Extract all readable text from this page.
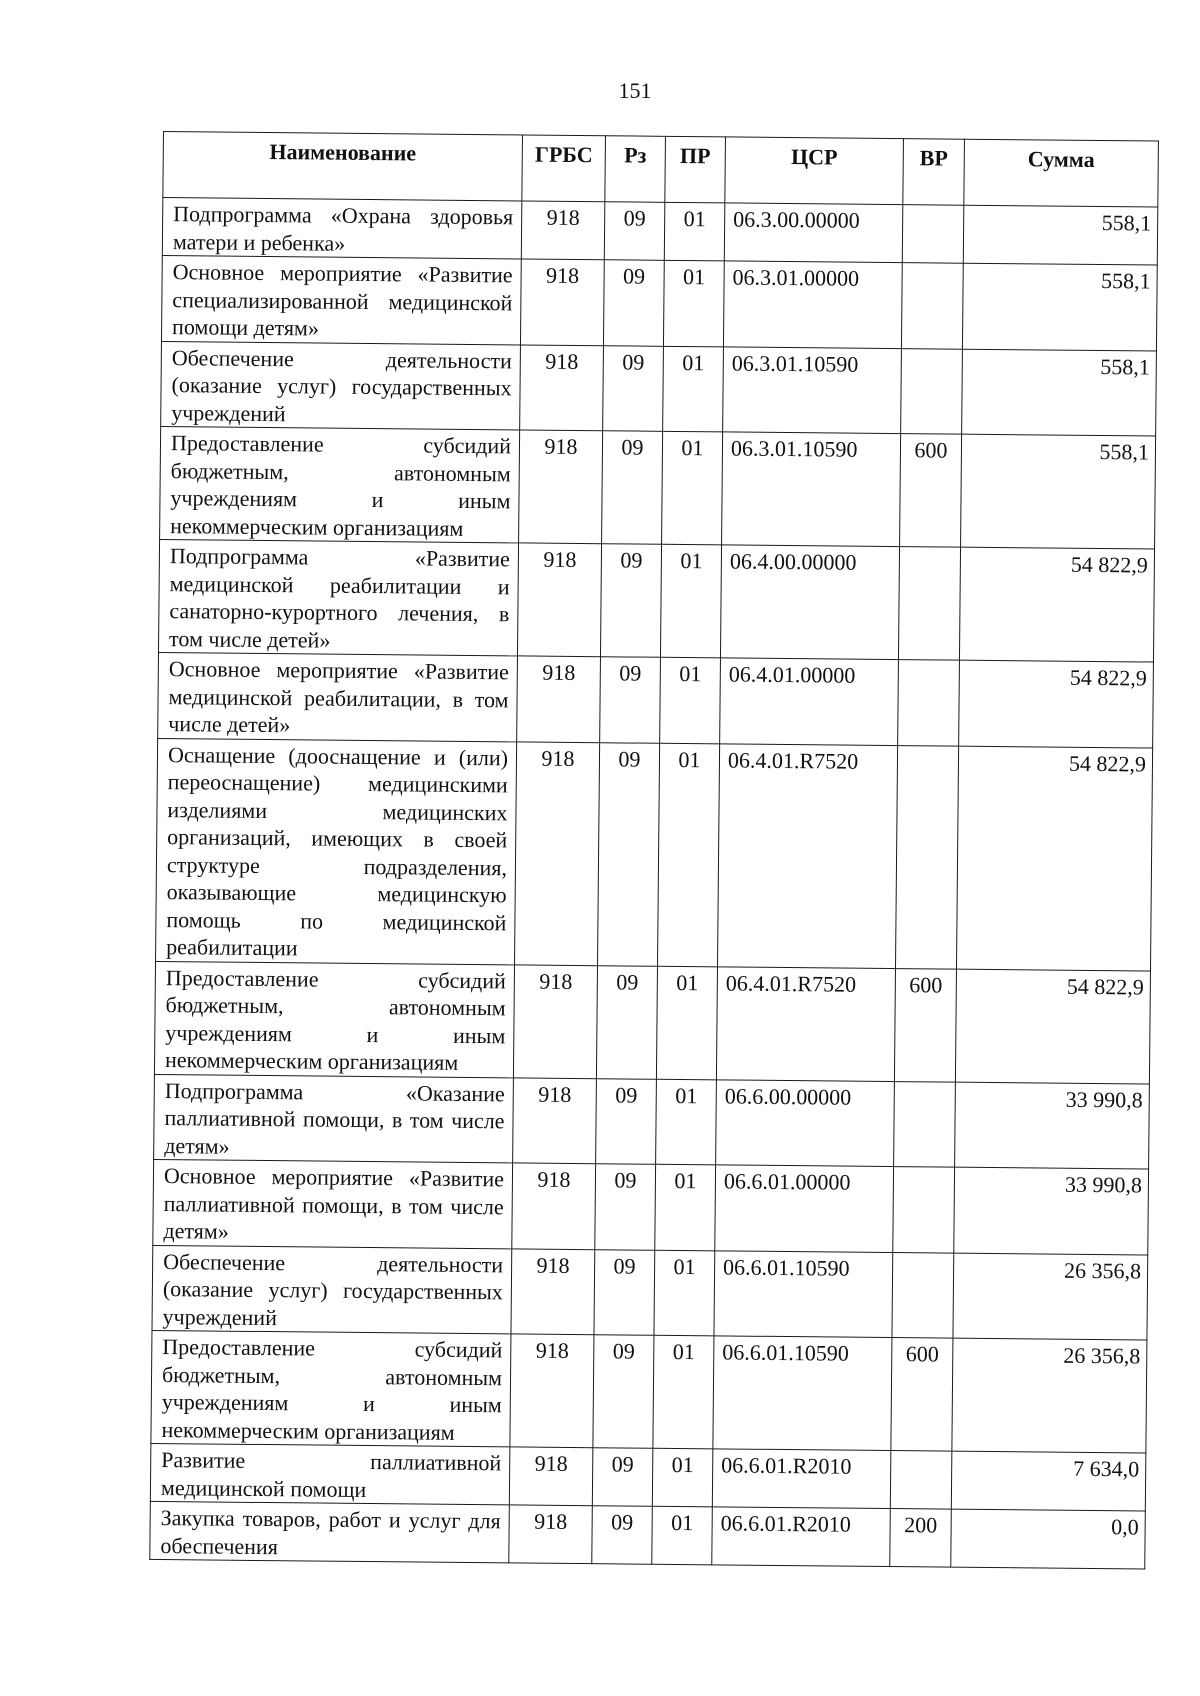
151
Наименование	ГРБС	Рз	ПР	ЦСР	ВР	Сумма
Подпрограмма «Охрана здоровья матери и ребенка»	918	09	01	06.3.00.00000		558,1
Основное мероприятие «Развитие специализированной медицинской помощи детям»	918	09	01	06.3.01.00000		558,1
Обеспечение деятельности (оказание услуг) государственных учреждений	918	09	01	06.3.01.10590		558,1
Предоставление субсидий бюджетным, автономным учреждениям и иным некоммерческим организациям	918	09	01	06.3.01.10590	600	558,1
Подпрограмма «Развитие медицинской реабилитации и санаторно-курортного лечения, в том числе детей»	918	09	01	06.4.00.00000		54 822,9
Основное мероприятие «Развитие медицинской реабилитации, в том числе детей»	918	09	01	06.4.01.00000		54 822,9
Оснащение (дооснащение и (или) переоснащение) медицинскими изделиями медицинских организаций, имеющих в своей структуре подразделения, оказывающие медицинскую помощь по медицинской реабилитации	918	09	01	06.4.01.R7520		54 822,9
Предоставление субсидий бюджетным, автономным учреждениям и иным некоммерческим организациям	918	09	01	06.4.01.R7520	600	54 822,9
Подпрограмма «Оказание паллиативной помощи, в том числе детям»	918	09	01	06.6.00.00000		33 990,8
Основное мероприятие «Развитие паллиативной помощи, в том числе детям»	918	09	01	06.6.01.00000		33 990,8
Обеспечение деятельности (оказание услуг) государственных учреждений	918	09	01	06.6.01.10590		26 356,8
Предоставление субсидий бюджетным, автономным учреждениям и иным некоммерческим организациям	918	09	01	06.6.01.10590	600	26 356,8
Развитие паллиативной медицинской помощи	918	09	01	06.6.01.R2010		7 634,0
Закупка товаров, работ и услуг для обеспечения	918	09	01	06.6.01.R2010	200	0,0
